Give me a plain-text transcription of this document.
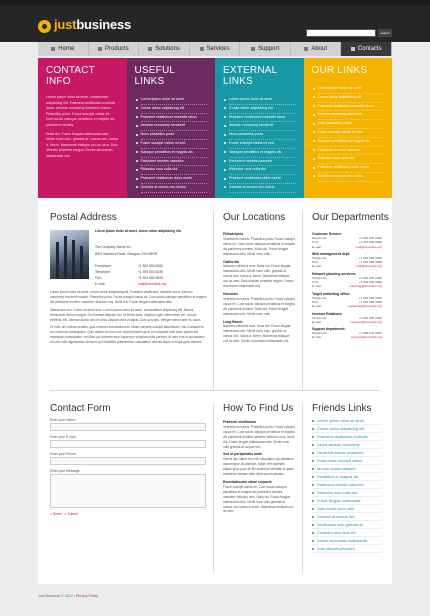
justbusiness
search
Home	Products	Solutions	Services	Support	About	Contacts
CONTACT INFO

Lorem ipsum dolor sit amet, consectetur adipisicing elit. Praesent vestibulum molestie lacus. Aenean nonummy hendrerit mauris. Phasellus porta. Fusce suscipit varius mi. Cum sociis natoque penatibus et magnis dis parturient montes.

Nulla dui. Fusce feugiat malesuada odio. Morbi nunc odio, gravida at, cursus nec, luctus a, lorem. Maecenas tristique orci ac sem. Duis ultricies pharetra magna. Donec accumsan malesuada orci.

USEFUL LINKS
Lorem ipsum dolor sit amet
Conse ctetur adipisicing elit
Praesent vestibulum molestie lacus
Aenean nonummy hendrerit
Nunc phasellus porta
Fusce suscipit varius mi sed
Natoque penatibus et magnis dis
Parturient montes nascetur
Ridiculus mus nulla dui
Praesent vestibulum dolor morbi
Gravida at cursus nec luctus
EXTERNAL LINKS
Lorem ipsum dolor sit amet
Conse ctetur adipisicing elit
Praesent vestibulum molestie lacus
Aenean nonummy hendrerit
Nunc phasellus porta
Fusce suscipit varius mi sed
Natoque penatibus et magnis dis
Parturient montes nascetur
Ridiculus mus nulla dui
Praesent vestibulum dolor morbi
Gravida at cursus nec luctus
OUR LINKS
Lorem ipsum dolor sit amet
Conse ctetur adipisicing elit
Praesent vestibulum molestie lacus
Aenean nonummy hendrerit
Nunc phasellus porta
Fusce suscipit varius mi sed
Natoque penatibus et magnis dis
Parturient montes nascetur
Ridiculus mus nulla dui
Praesent vestibulum dolor morbi
Gravida at cursus nec luctus
Postal Address
Lorem ipsum dolor sit amet, conse ctetur adipisicing elit.
The Company Name Inc.
8901 Marmora Road, Glasgow, D04 89GR.
Freephone:	+1 800 559 6580
Telephone:	+1 959 603 6035
FAX:	+1 504 889 9898
E-mail:	mail@demolink.org

Lorem ipsum dolor sit amet, conse ctetur adipisicing elit. Praesent vestibulum molestie lacus. Aenean nonummy hendrerit mauris. Phasellus porta. Fusce suscipit varius mi. Cum sociis natoque penatibus et magnis dis parturient montes, nascetur ridiculus mus. Nulla dui. Fusce feugiat malesuada odio.

Malesuada orci. Donec sit amet eros. Lorem ipsum dolor sit amet, consectetuer adipiscing elit. Mauris fermentum dictum magna. Sed laoreet aliquam leo. Ut tellus dolor, dapibus eget, elementum vel, cursus eleifend, elit. Aenean auctor wisi et urna. Aliquam erat volutpat. Duis ac turpis. Integer rutrum ante eu lacus.

Ut enim ad minima veniam, quis nostrum exercitationem. Ullam corporis suscipit laboriosam, nisi ut aliquid ex ea commodi consequatur. Quis autem vel eum iure reprehenderit qui in ea voluptate velit esse quam nihil molestiae consequatur, vel illum qui dolorem eum fugiat quo voluptas nulla pariatur. At vero eos et accusamus et iusto odio dignissimos ducimus qui blanditiis praesentium voluptatum deleniti atque corrupti quos dolores.

Our Locations
Philadelphia

Vestibulum mauris. Phasellus porta. Fusce suscipit varius mi. Cum sociis natoque penatibus et magnis dis parturient montes. Nulla dui. Fusce feugiat malesuada odio. Morbi nunc odio.

California

Nascetur ridiculus mus. Nulla dui. Fusce feugiat malesuada odio. Morbi nunc odio, gravida at, cursus nec, luctus a, lorem. Maecenas tristique orci ac sem. Duis ultricies pharetra magna. Donec accumsan malesuada orci.

Honolulu

Vestibulum mauris. Phasellus porta. Fusce suscipit varius mi. Cum sociis natoque penatibus et magnis dis parturient montes. Nulla dui. Fusce feugiat malesuada odio. Morbi nunc odio.

Long Beach

Nascetur ridiculus mus. Nulla dui. Fusce feugiat malesuada odio. Morbi nunc odio, gravida at, cursus nec, luctus a, lorem. Maecenas tristique orci ac sem. Donec accumsan malesuada orci.

Our Departments
Customer Service:
Telephone:	+1 959 603 6035
FAX:	+1 504 889 9898
E-mail:	mail@demolink.org
Web management dept:
Telephone:	+1 959 603 6035
FAX:	+1 504 889 9898
E-mail:	mail@demolink.org
Network planning services:
Telephone:	+1 959 603 6035
FAX:	+1 504 889 9898
E-mail:	planning@demolink.org
Target marketing office:
Telephone:	+1 959 603 6035
FAX:	+1 504 889 9898
E-mail:	marketing@demolink.org
Investor Relations:
Telephone:	+1 959 603 6035
E-mail:	investor@demolink.org
Support department:
Telephone:	+1 959 603 6035
E-mail:	support@demolink.org
Contact Form
Enter your Name:
Enter your E-mail:
Enter your Phone:
Enter your Message:
» Reset » Submit
How To Find Us
Praesent vestibulum

Vestibulum mauris. Phasellus porta. Fusce suscipit varius mi. Cum sociis natoque penatibus et magnis dis parturient montes nascetur ridiculus mus. Nulla dui. Fusce feugiat malesuada odio. Morbi nunc odio gravida at cursus nec.

Sed ut perspiciatis unde

Omnis iste natus error sit voluptatem accusantium doloremque laudantium, totam rem aperiam, eaque ipsa quae ab illo inventore veritatis et quasi architecto beatae vitae dicta sunt explicabo.

Exercitationem ullam corporis

Fusce suscipit varius mi. Cum sociis natoque penatibus et magnis dis parturient montes nascetur ridiculus mus. Nulla dui. Fusce feugiat malesuada odio. Morbi nunc odio gravida at cursus nec luctus a lorem. Maecenas tristique orci ac sem.

Friends Links
Lorem ipsum dolor sit amet
Conse ctetur adipisicing elit
Praesent vestibulum molestie
Lacus aenean nonummy
Hendrerit mauris phasellus
Porta fusce suscipit varius
Mi cum sociis natoque
Penatibus et magnis dis
Parturient montes nascetur
Ridiculus mus nulla dui
Fusce feugiat malesuada
Odio morbi nunc odio
Gravida at cursus nec
Vestibulum odio gravida at
Curabitur sed risus vel
Donec accumsan malesuada
Duis ultricies pharetra
Just Business © 2013 | Privacy Policy
